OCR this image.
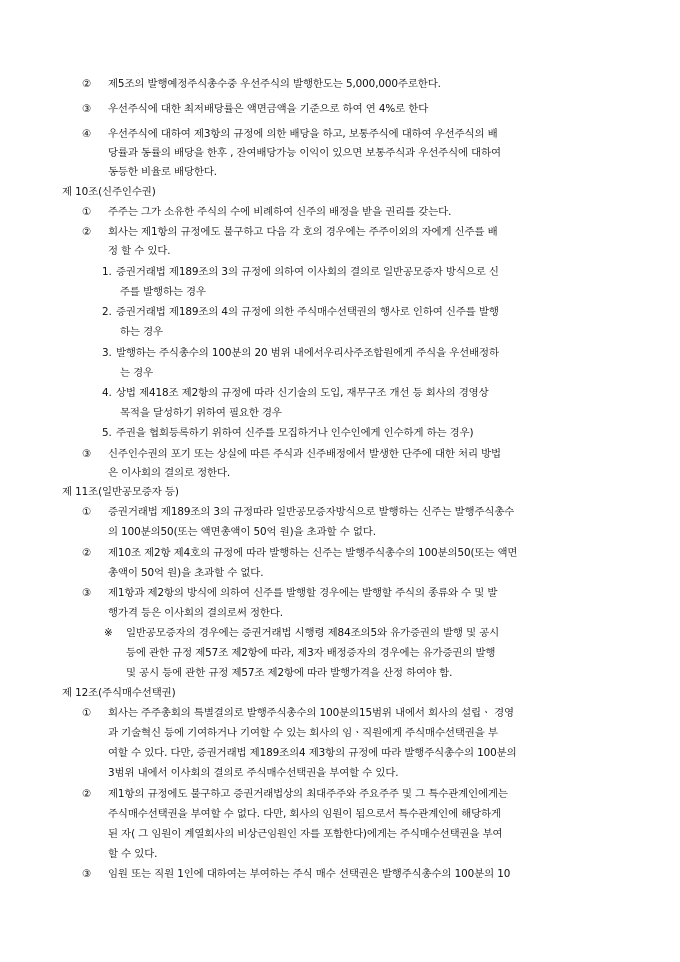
② 제5조의 발행예정주식총수중 우선주식의 발행한도는 5,000,000주로한다.
③ 우선주식에 대한 최저배당률은 액면금액을 기준으로 하여 연 4%로 한다
④ 우선주식에 대하여 제3항의 규정에 의한 배당을 하고, 보통주식에 대하여 우선주식의 배
당률과 동률의 배당을 한후 , 잔여배당가능 이익이 있으면 보통주식과 우선주식에 대하여
동등한 비율로 배당한다.
제 10조(신주인수권)
① 주주는 그가 소유한 주식의 수에 비례하여 신주의 배정을 받을 권리를 갖는다.
② 회사는 제1항의 규정에도 불구하고 다음 각 호의 경우에는 주주이외의 자에게 신주를 배
정 할 수 있다.
1. 증권거래법 제189조의 3의 규정에 의하여 이사회의 결의로 일반공모증자 방식으로 신
주를 발행하는 경우
2. 증권거래법 제189조의 4의 규정에 의한 주식매수선택권의 행사로 인하여 신주를 발행
하는 경우
3. 발행하는 주식총수의 100분의 20 범위 내에서우리사주조합원에게 주식을 우선배정하
는 경우
4. 상법 제418조 제2항의 규정에 따라 신기술의 도입, 재무구조 개선 등 회사의 경영상
목적을 달성하기 위하여 필요한 경우
5. 주권을 협회등록하기 위하여 신주를 모집하거나 인수인에게 인수하게 하는 경우)
③ 신주인수권의 포기 또는 상실에 따른 주식과 신주배정에서 발생한 단주에 대한 처리 방법
은 이사회의 결의로 정한다.
제 11조(일반공모증자 등)
① 증권거래법 제189조의 3의 규정따라 일반공모증자방식으로 발행하는 신주는 발행주식총수
의 100분의50(또는 액면총액이 50억 원)을 초과할 수 없다.
② 제10조 제2항 제4호의 규정에 따라 발행하는 신주는 발행주식총수의 100분의50(또는 액면
총액이 50억 원)을 초과할 수 없다.
③ 제1항과 제2항의 방식에 의하여 신주를 발행할 경우에는 발행할 주식의 종류와 수 및 발
행가격 등은 이사회의 결의로써 정한다.
※ 일반공모증자의 경우에는 증권거래법 시행령 제84조의5와 유가증권의 발행 및 공시
등에 관한 규정 제57조 제2항에 따라, 제3자 배정증자의 경우에는 유가증권의 발행
및 공시 등에 관한 규정 제57조 제2항에 따라 발행가격을 산정 하여야 함.
제 12조(주식매수선택권)
① 회사는 주주총회의 특별결의로 발행주식총수의 100분의15범위 내에서 회사의 설립ㆍ 경영
과 기술혁신 등에 기여하거나 기여할 수 있는 회사의 임ㆍ직원에게 주식매수선택권을 부
여할 수 있다. 다만, 증권거래법 제189조의4 제3항의 규정에 따라 발행주식총수의 100분의
3범위 내에서 이사회의 결의로 주식매수선택권을 부여할 수 있다.
② 제1항의 규정에도 불구하고 증권거래법상의 최대주주와 주요주주 및 그 특수관계인에게는
주식매수선택권을 부여할 수 없다. 다만, 회사의 임원이 됨으로서 특수관계인에 해당하게
된 자( 그 임원이 계열회사의 비상근임원인 자를 포함한다)에게는 주식매수선택권을 부여
할 수 있다.
③ 임원 또는 직원 1인에 대하여는 부여하는 주식 매수 선택권은 발행주식총수의 100분의 10
